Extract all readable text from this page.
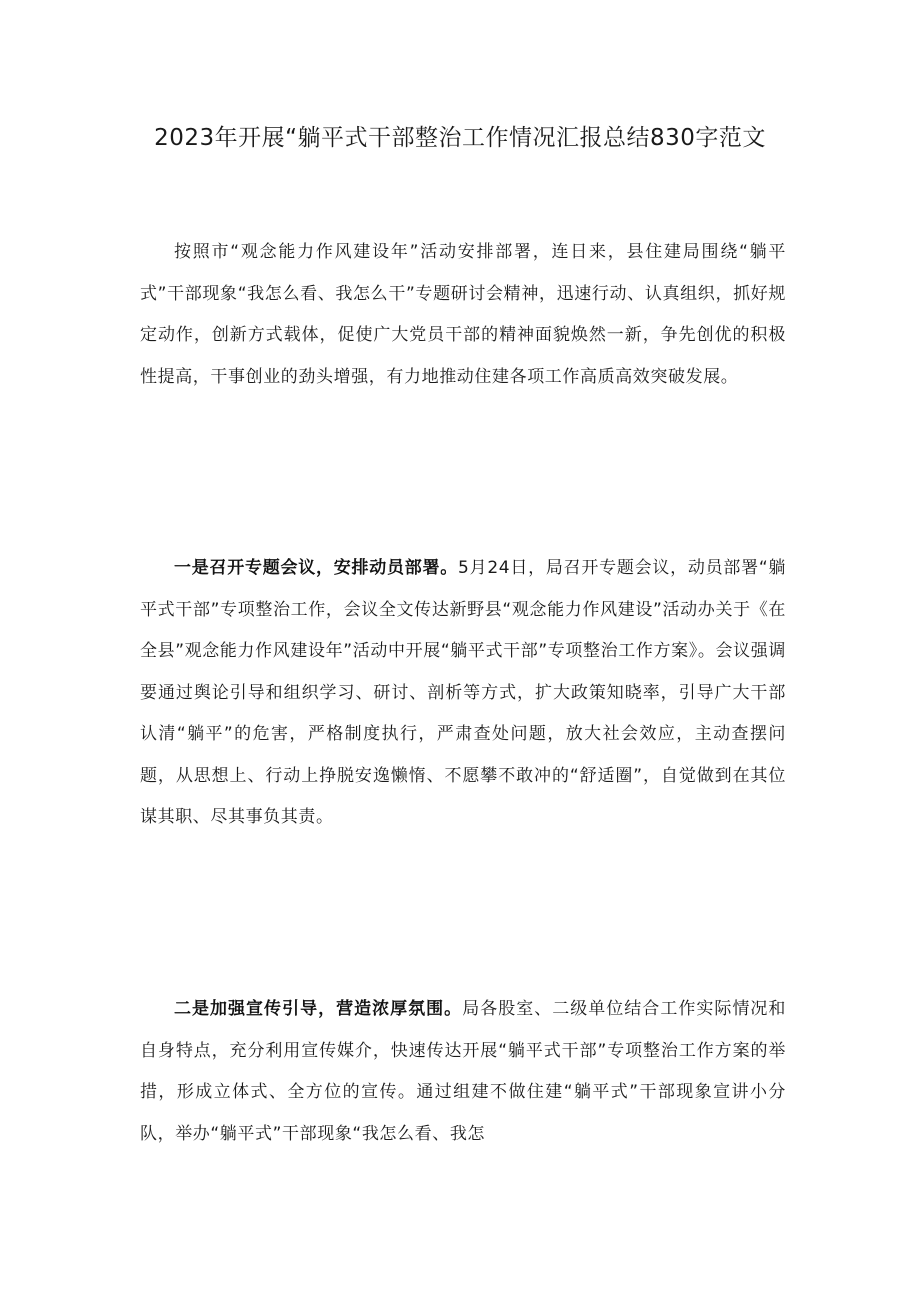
2023年开展“躺平式干部整治工作情况汇报总结830字范文

按照市“观念能力作风建设年”活动安排部署，连日来，县住建局围绕“躺平式”干部现象“我怎么看、我怎么干”专题研讨会精神，迅速行动、认真组织，抓好规定动作，创新方式载体，促使广大党员干部的精神面貌焕然一新，争先创优的积极性提高，干事创业的劲头增强，有力地推动住建各项工作高质高效突破发展。

一是召开专题会议，安排动员部署。5月24日，局召开专题会议，动员部署“躺平式干部”专项整治工作，会议全文传达新野县“观念能力作风建设”活动办关于《在全县”观念能力作风建设年”活动中开展“躺平式干部”专项整治工作方案》。会议强调要通过舆论引导和组织学习、研讨、剖析等方式，扩大政策知晓率，引导广大干部认清“躺平”的危害，严格制度执行，严肃查处问题，放大社会效应，主动查摆问题，从思想上、行动上挣脱安逸懒惰、不愿攀不敢冲的“舒适圈”，自觉做到在其位谋其职、尽其事负其责。

二是加强宣传引导，营造浓厚氛围。局各股室、二级单位结合工作实际情况和自身特点，充分利用宣传媒介，快速传达开展“躺平式干部”专项整治工作方案的举措，形成立体式、全方位的宣传。通过组建不做住建“躺平式”干部现象宣讲小分队，举办“躺平式”干部现象“我怎么看、我怎
